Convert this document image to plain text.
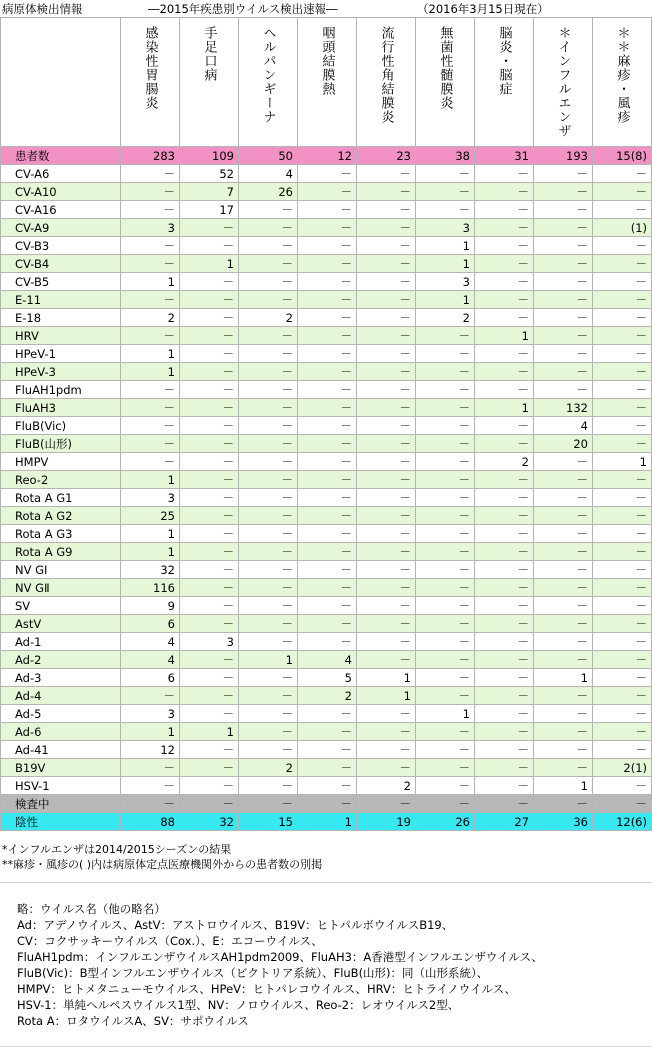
病原体検出情報	―2015年疾患別ウイルス検出速報―	（2016年3月15日現在）

	感染性胃腸炎	手足口病	ヘルパンギーナ	咽頭結膜熱	流行性角結膜炎	無菌性髄膜炎	脳炎・脳症	＊インフルエンザ	＊＊麻疹・風疹

患者数	283	109	50	12	23	38	31	193	15(8)
CV-A6	－	52	4	－	－	－	－	－	－
CV-A10	－	7	26	－	－	－	－	－	－
CV-A16	－	17	－	－	－	－	－	－	－
CV-A9	3	－	－	－	－	3	－	－	(1)
CV-B3	－	－	－	－	－	1	－	－	－
CV-B4	－	1	－	－	－	1	－	－	－
CV-B5	1	－	－	－	－	3	－	－	－
E-11	－	－	－	－	－	1	－	－	－
E-18	2	－	2	－	－	2	－	－	－
HRV	－	－	－	－	－	－	1	－	－
HPeV-1	1	－	－	－	－	－	－	－	－
HPeV-3	1	－	－	－	－	－	－	－	－
FluAH1pdm	－	－	－	－	－	－	－	－	－
FluAH3	－	－	－	－	－	－	1	132	－
FluB(Vic)	－	－	－	－	－	－	－	4	－
FluB(山形)	－	－	－	－	－	－	－	20	－
HMPV	－	－	－	－	－	－	2	－	1
Reo-2	1	－	－	－	－	－	－	－	－
Rota A G1	3	－	－	－	－	－	－	－	－
Rota A G2	25	－	－	－	－	－	－	－	－
Rota A G3	1	－	－	－	－	－	－	－	－
Rota A G9	1	－	－	－	－	－	－	－	－
NV GI	32	－	－	－	－	－	－	－	－
NV GⅡ	116	－	－	－	－	－	－	－	－
SV	9	－	－	－	－	－	－	－	－
AstV	6	－	－	－	－	－	－	－	－
Ad-1	4	3	－	－	－	－	－	－	－
Ad-2	4	－	1	4	－	－	－	－	－
Ad-3	6	－	－	5	1	－	－	1	－
Ad-4	－	－	－	2	1	－	－	－	－
Ad-5	3	－	－	－	－	1	－	－	－
Ad-6	1	1	－	－	－	－	－	－	－
Ad-41	12	－	－	－	－	－	－	－	－
B19V	－	－	2	－	－	－	－	－	2(1)
HSV-1	－	－	－	－	2	－	－	1	－
検査中	－	－	－	－	－	－	－	－	－
陰性	88	32	15	1	19	26	27	36	12(6)
*インフルエンザは2014/2015シーズンの結果
**麻疹・風疹の( )内は病原体定点医療機関外からの患者数の別掲
略：ウイルス名（他の略名）
Ad：アデノウイルス、AstV：アストロウイルス、B19V：ヒトパルボウイルスB19、
CV：コクサッキーウイルス（Cox.）、E：エコーウイルス、
FluAH1pdm：インフルエンザウイルスAH1pdm2009、FluAH3：A香港型インフルエンザウイルス、
FluB(Vic)：B型インフルエンザウイルス（ビクトリア系統）、FluB(山形)：同（山形系統）、
HMPV：ヒトメタニューモウイルス、HPeV：ヒトパレコウイルス、HRV：ヒトライノウイルス、
HSV-1：単純ヘルペスウイルス1型、NV：ノロウイルス、Reo-2：レオウイルス2型、
Rota A：ロタウイルスA、SV：サポウイルス
